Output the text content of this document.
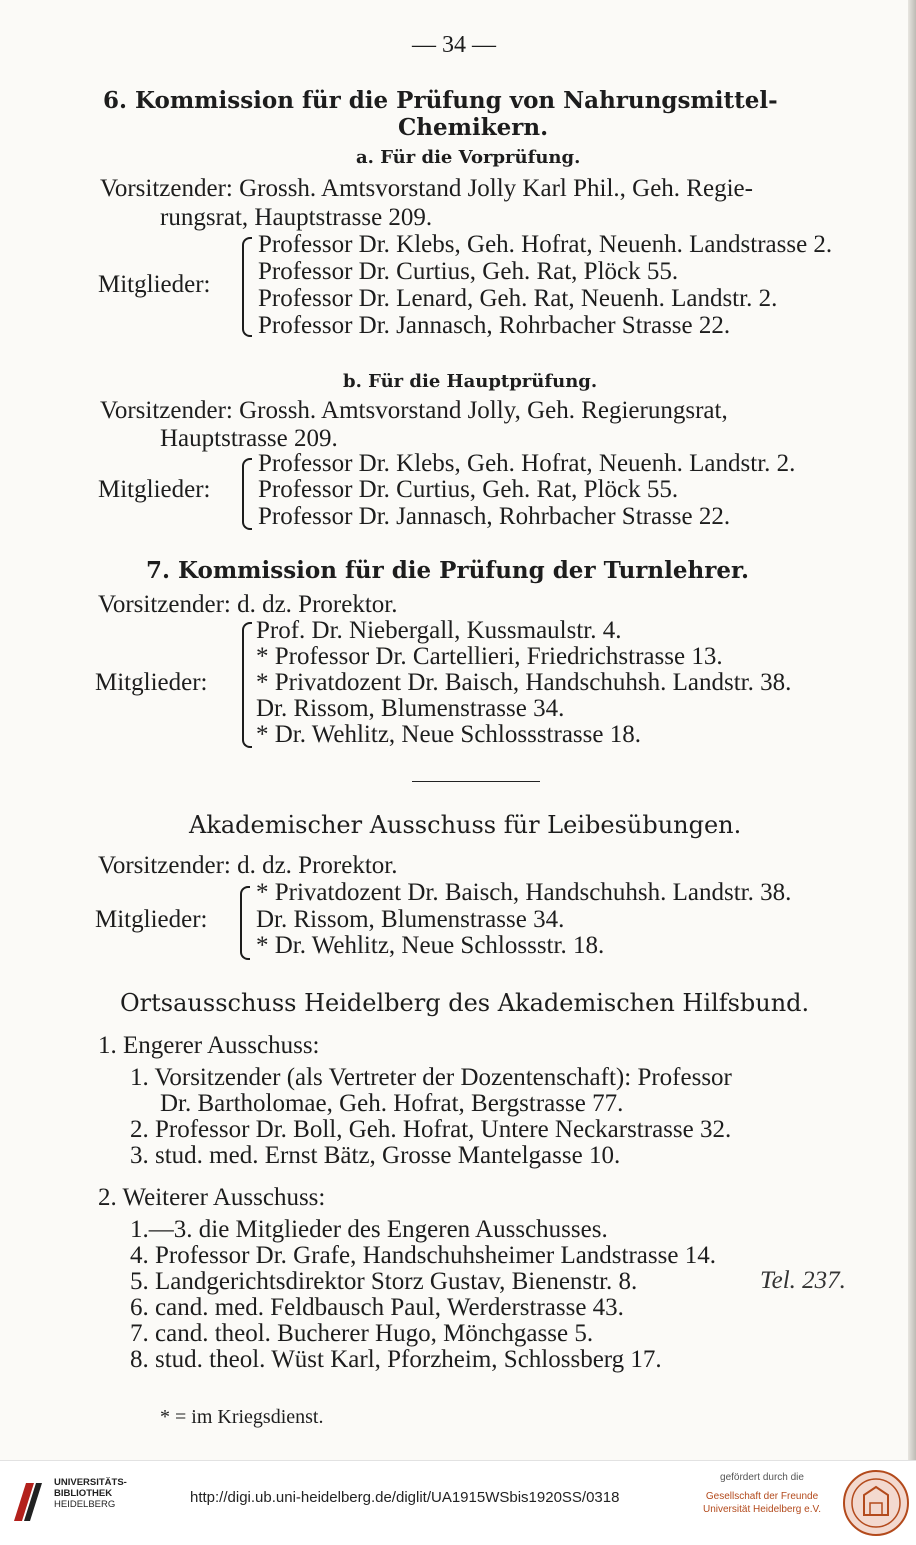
— 34 —
6. Kommission für die Prüfung von Nahrungsmittel-
Chemikern.
a. Für die Vorprüfung.
Vorsitzender: Grossh. Amtsvorstand Jolly Karl Phil., Geh. Regie-
rungsrat, Hauptstrasse 209.
Mitglieder:
Professor Dr. Klebs, Geh. Hofrat, Neuenh. Landstrasse 2.
Professor Dr. Curtius, Geh. Rat, Plöck 55.
Professor Dr. Lenard, Geh. Rat, Neuenh. Landstr. 2.
Professor Dr. Jannasch, Rohrbacher Strasse 22.
b. Für die Hauptprüfung.
Vorsitzender: Grossh. Amtsvorstand Jolly, Geh. Regierungsrat,
Hauptstrasse 209.
Mitglieder:
Professor Dr. Klebs, Geh. Hofrat, Neuenh. Landstr. 2.
Professor Dr. Curtius, Geh. Rat, Plöck 55.
Professor Dr. Jannasch, Rohrbacher Strasse 22.
7. Kommission für die Prüfung der Turnlehrer.
Vorsitzender: d. dz. Prorektor.
Mitglieder:
Prof. Dr. Niebergall, Kussmaulstr. 4.
* Professor Dr. Cartellieri, Friedrichstrasse 13.
* Privatdozent Dr. Baisch, Handschuhsh. Landstr. 38.
Dr. Rissom, Blumenstrasse 34.
* Dr. Wehlitz, Neue Schlossstrasse 18.
Akademischer Ausschuss für Leibesübungen.
Vorsitzender: d. dz. Prorektor.
Mitglieder:
* Privatdozent Dr. Baisch, Handschuhsh. Landstr. 38.
Dr. Rissom, Blumenstrasse 34.
* Dr. Wehlitz, Neue Schlossstr. 18.
Ortsausschuss Heidelberg des Akademischen Hilfsbund.
1. Engerer Ausschuss:
1. Vorsitzender (als Vertreter der Dozentenschaft): Professor
Dr. Bartholomae, Geh. Hofrat, Bergstrasse 77.
2. Professor Dr. Boll, Geh. Hofrat, Untere Neckarstrasse 32.
3. stud. med. Ernst Bätz, Grosse Mantelgasse 10.
2. Weiterer Ausschuss:
1.—3. die Mitglieder des Engeren Ausschusses.
4. Professor Dr. Grafe, Handschuhsheimer Landstrasse 14.
5. Landgerichtsdirektor Storz Gustav, Bienenstr. 8.	Tel. 237.
6. cand. med. Feldbausch Paul, Werderstrasse 43.
7. cand. theol. Bucherer Hugo, Mönchgasse 5.
8. stud. theol. Wüst Karl, Pforzheim, Schlossberg 17.
* = im Kriegsdienst.
UNIVERSITÄTS-
BIBLIOTHEK
HEIDELBERG	http://digi.ub.uni-heidelberg.de/diglit/UA1915WSbis1920SS/0318
gefördert durch die
Gesellschaft der Freunde
Universität Heidelberg e.V.
